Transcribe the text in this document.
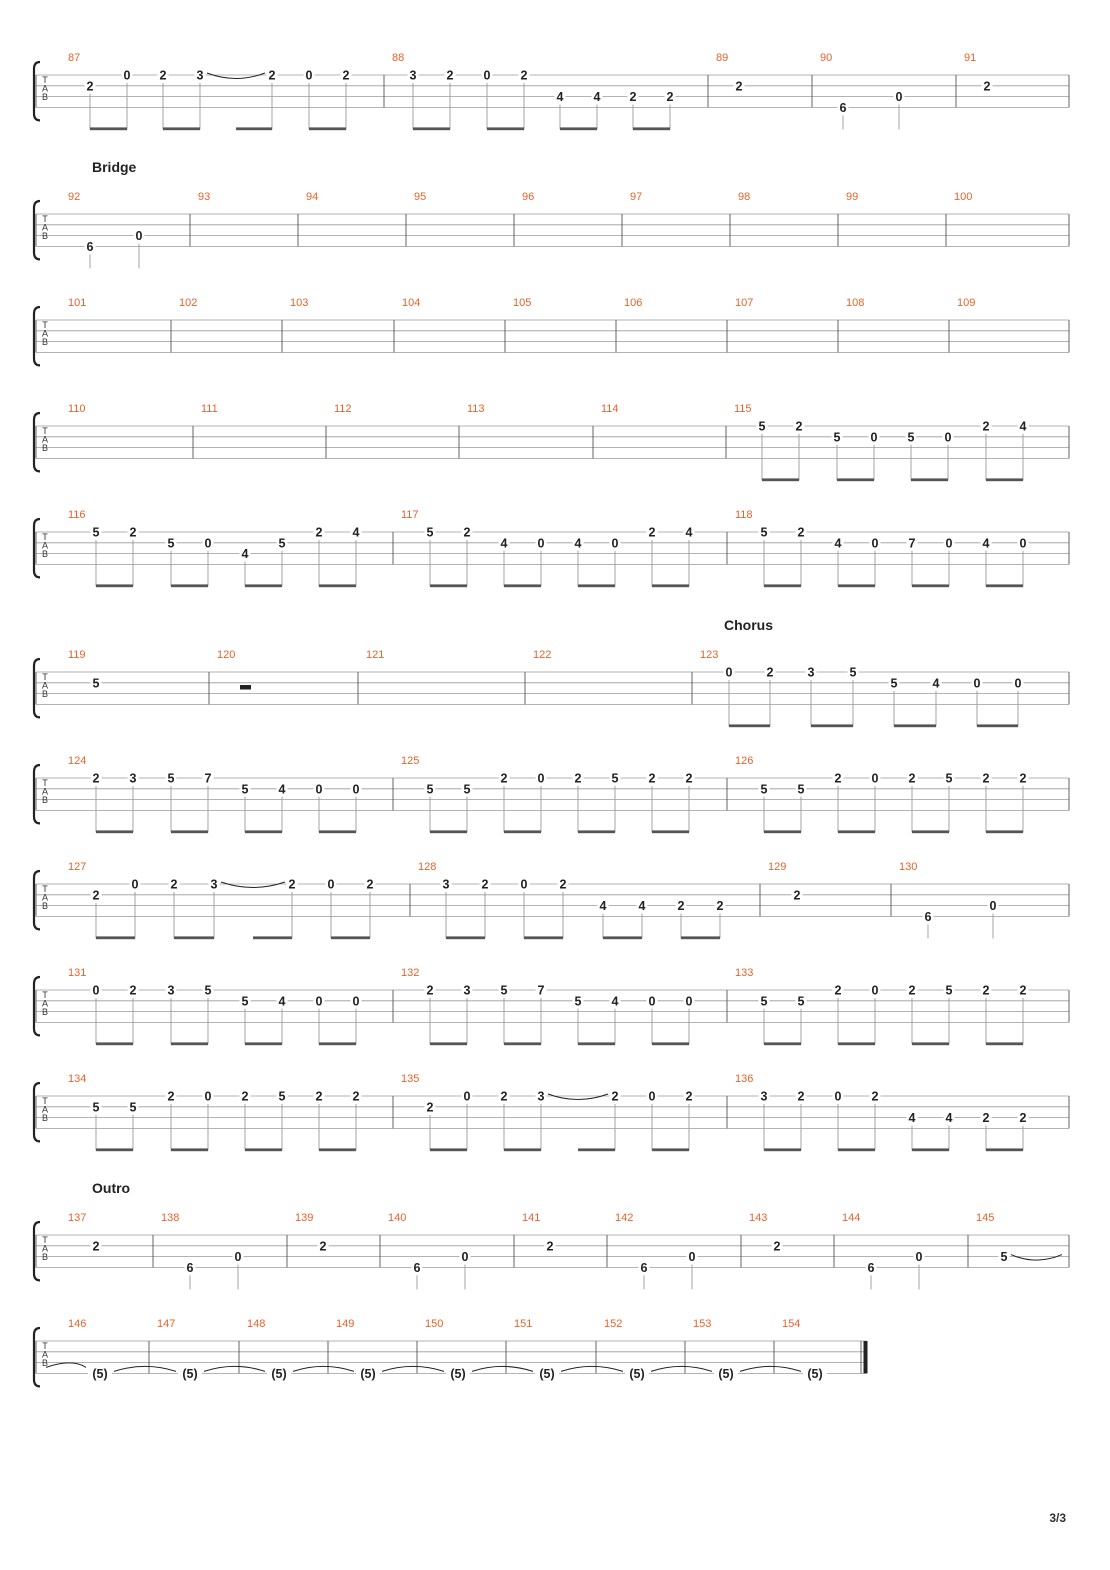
T
A
B
87
2
0 2 3	2 0 2
88
3 2 0 2
4 4 2 2
89
2
90
6
0
91
2
T
A
B
92
Bridge
6
0
93	94	95	96	97	98	99	100
T
A
B
101	102	103	104	105	106	107	108	109
T
A
B
110	111	112	113	114	115
5 2
5 0 5 0
2 4
T
A
B
116
5 2
5 0
4
5
2 4
117
5 2
4 0 4 0
2 4
118
5 2
4 0 7 0 4 0
T
A
B
119
5
120	121	122	123
Chorus
0	2	3	5
5	4	0	0
T
A
B
124
2 3 5 7
5 4 0 0
125
5 5
2 0 2 5 2 2
126
5 5
2 0 2 5 2 2
T
A
B
127
2
0	2	3	2	0	2
128
3	2	0	2
4	4	2	2
129
2
130
6
0
T
A
B
131
0 2 3 5
5 4 0 0
132
2 3 5 7
5 4 0 0
133
5 5
2 0 2 5 2 2
T
A
B
134
5 5
2 0 2 5 2 2
135
2
0 2 3	2 0 2
136
3 2 0 2
4 4 2 2
T
A
B
137
Outro
2
138
6
0
139
2
140
6
0
141
2
142
6
0
143
2
144
6
0
145
5
T
A
B
146
(5)
147
(5)
148
(5)
149
(5)
150
(5)
151
(5)
152
(5)
153
(5)
154
(5)
3/3
